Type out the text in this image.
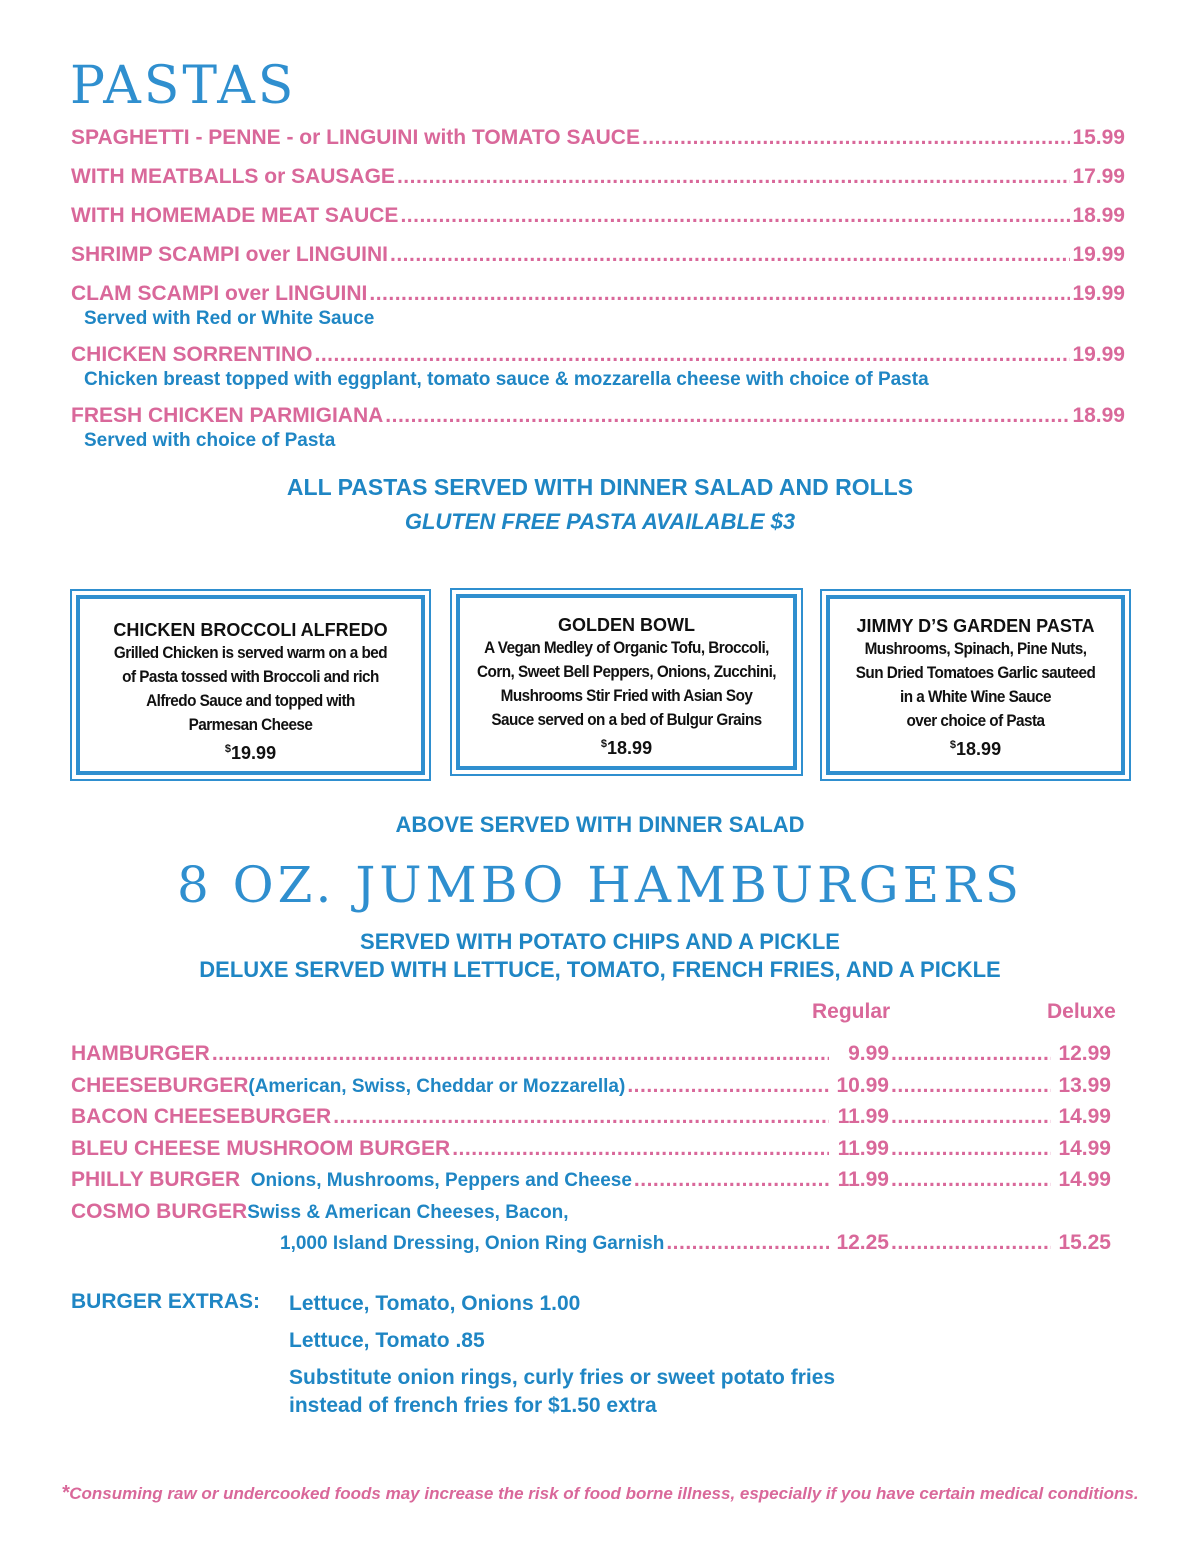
PASTAS
SPAGHETTI - PENNE - or LINGUINI with TOMATO SAUCE .....	15.99
WITH MEATBALLS or SAUSAGE .....	17.99
WITH HOMEMADE MEAT SAUCE .....	18.99
SHRIMP SCAMPI over LINGUINI .....	19.99
CLAM SCAMPI over LINGUINI .....	19.99
Served with Red or White Sauce
CHICKEN SORRENTINO .....	19.99
Chicken breast topped with eggplant, tomato sauce & mozzarella cheese with choice of Pasta
FRESH CHICKEN PARMIGIANA .....	18.99
Served with choice of Pasta
ALL PASTAS SERVED WITH DINNER SALAD AND ROLLS
GLUTEN FREE PASTA AVAILABLE $3
CHICKEN BROCCOLI ALFREDO
Grilled Chicken is served warm on a bed
of Pasta tossed with Broccoli and rich
Alfredo Sauce and topped with
Parmesan Cheese
$19.99
GOLDEN BOWL
A Vegan Medley of Organic Tofu, Broccoli,
Corn, Sweet Bell Peppers, Onions, Zucchini,
Mushrooms Stir Fried with Asian Soy
Sauce served on a bed of Bulgur Grains
$18.99
JIMMY D’S GARDEN PASTA
Mushrooms, Spinach, Pine Nuts,
Sun Dried Tomatoes Garlic sauteed
in a White Wine Sauce
over choice of Pasta
$18.99
ABOVE SERVED WITH DINNER SALAD
8 OZ. JUMBO HAMBURGERS
SERVED WITH POTATO CHIPS AND A PICKLE
DELUXE SERVED WITH LETTUCE, TOMATO, FRENCH FRIES, AND A PICKLE
Regular	Deluxe
HAMBURGER .....	9.99 .....	12.99
CHEESEBURGER (American, Swiss, Cheddar or Mozzarella) .....	10.99 .....	13.99
BACON CHEESEBURGER .....	11.99 .....	14.99
BLEU CHEESE MUSHROOM BURGER .....	11.99 .....	14.99
PHILLY BURGER Onions, Mushrooms, Peppers and Cheese .....	11.99 .....	14.99
COSMO BURGER Swiss & American Cheeses, Bacon,
1,000 Island Dressing, Onion Ring Garnish .....	12.25 .....	15.25
BURGER EXTRAS: Lettuce, Tomato, Onions 1.00
Lettuce, Tomato .85
Substitute onion rings, curly fries or sweet potato fries
instead of french fries for $1.50 extra
*Consuming raw or undercooked foods may increase the risk of food borne illness, especially if you have certain medical conditions.
